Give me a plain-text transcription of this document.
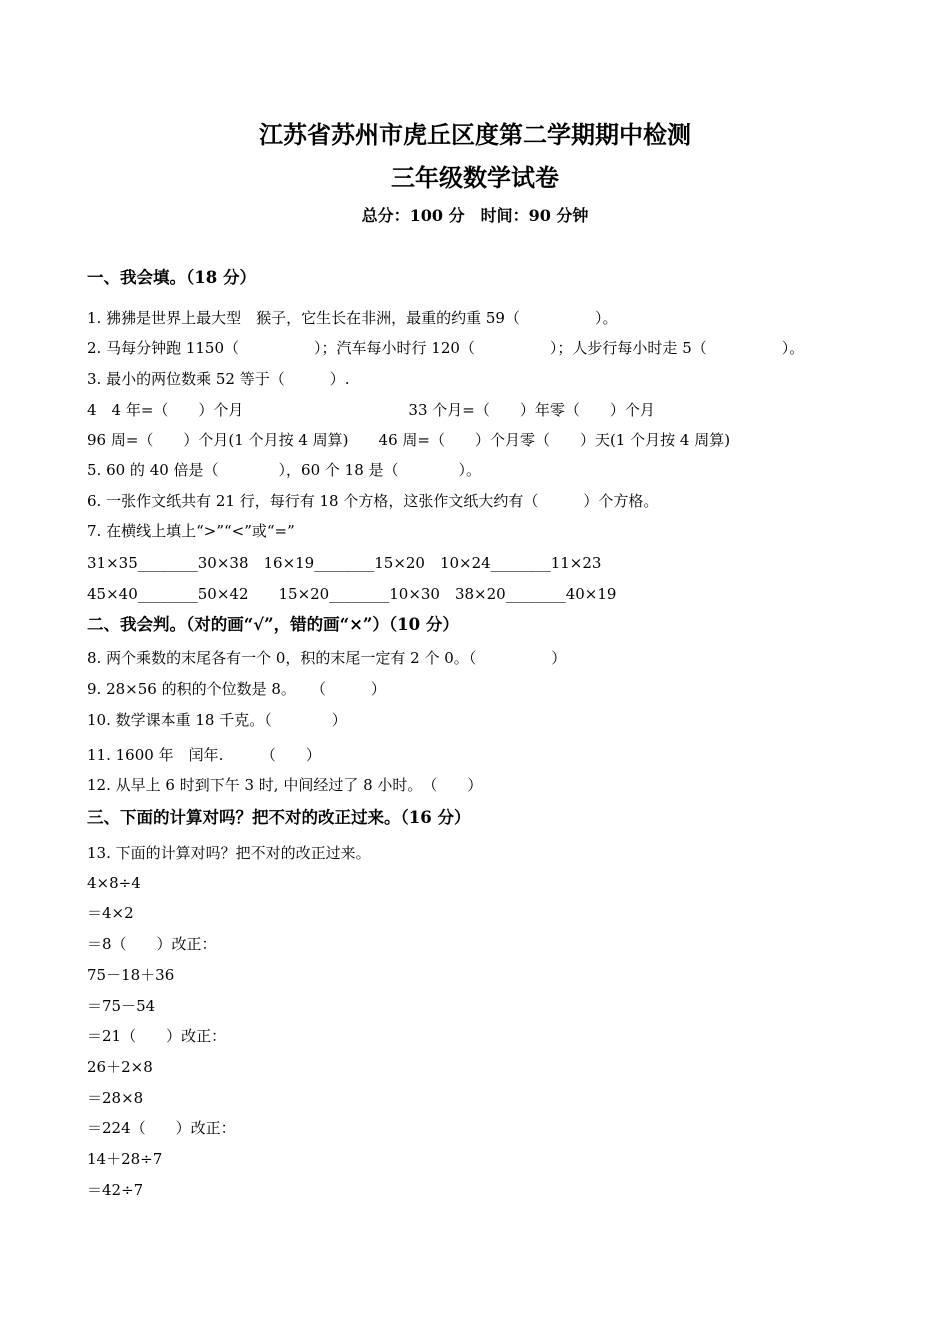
江苏省苏州市虎丘区度第二学期期中检测
三年级数学试卷
总分：100 分　时间：90 分钟
一、我会填。（18 分）
1. 狒狒是世界上最大型　猴子，它生长在非洲，最重的约重 59（　　　　　）。
2. 马每分钟跑 1150（　　　　　）；汽车每小时行 120（　　　　　）；人步行每小时走 5（　　　　　）。
3. 最小的两位数乘 52 等于（　　　）.
4　4 年=（　　）个月　　　　　　　　　　　33 个月=（　　）年零（　　）个月
96 周=（　　）个月(1 个月按 4 周算)　　46 周=（　　）个月零（　　）天(1 个月按 4 周算)
5. 60 的 40 倍是（　　　　），60 个 18 是（　　　　）。
6. 一张作文纸共有 21 行，每行有 18 个方格，这张作文纸大约有（　　　）个方格。
7. 在横线上填上“>”“<”或“=”
31×35________30×38　16×19________15×20　10×24________11×23
45×40________50×42　　15×20________10×30　38×20________40×19
二、我会判。（对的画“√”，错的画“×”）（10 分）
8. 两个乘数的末尾各有一个 0，积的末尾一定有 2 个 0。（　　　　　）
9. 28×56 的积的个位数是 8。　　（　　　）
10. 数学课本重 18 千克。（　　　　）
11. 1600 年　闰年.　　　（　　）
12. 从早上 6 时到下午 3 时, 中间经过了 8 小时。　（　　）
三、下面的计算对吗？把不对的改正过来。（16 分）
13. 下面的计算对吗？把不对的改正过来。
4×8÷4
＝4×2
＝8（　　）改正：
75－18＋36
＝75－54
＝21（　　）改正：
26＋2×8
＝28×8
＝224（　　）改正：
14＋28÷7
＝42÷7
